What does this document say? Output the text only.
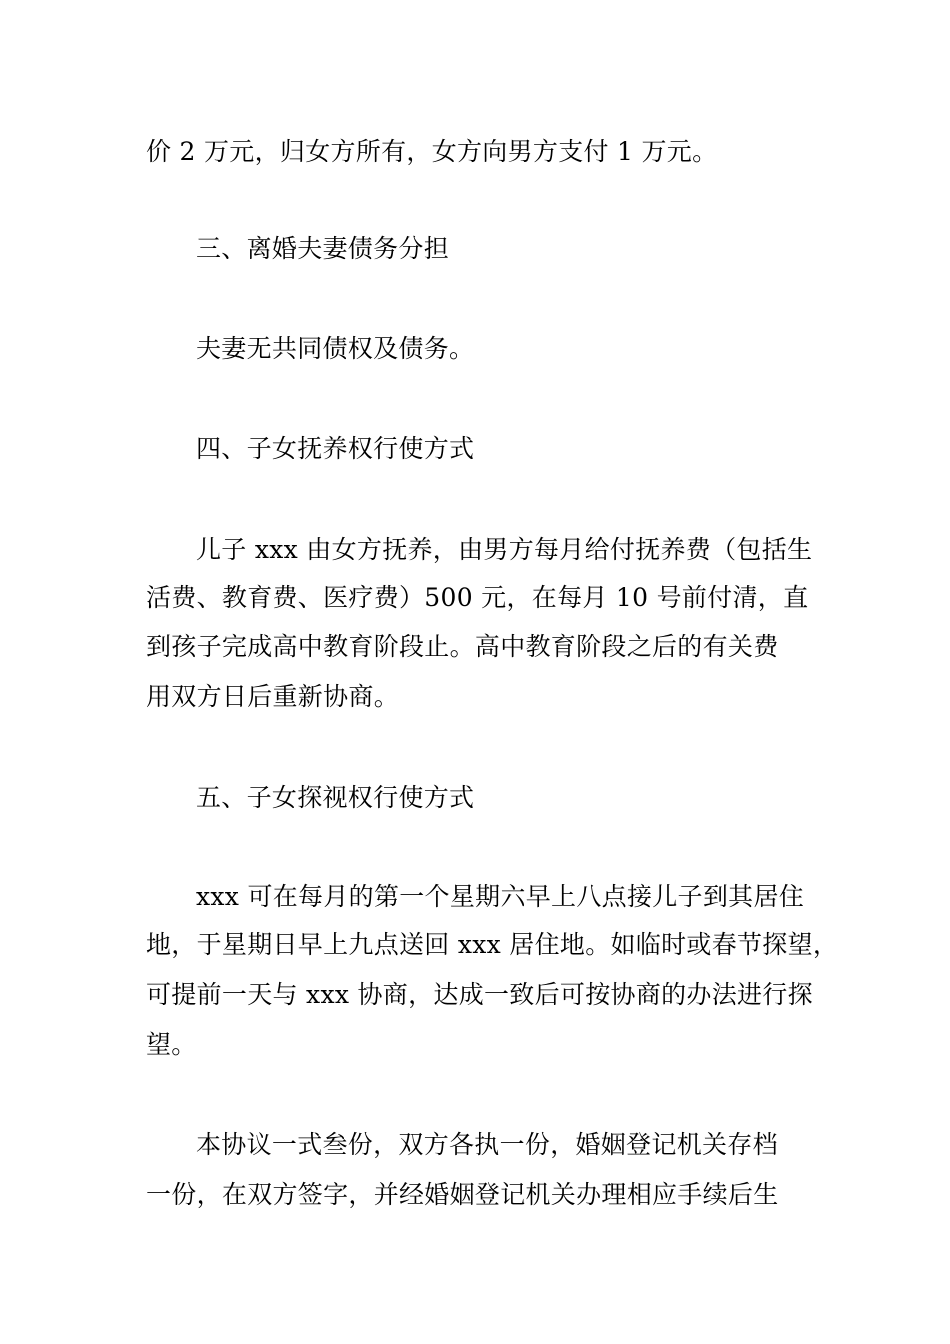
价 2 万元，归女方所有，女方向男方支付 1 万元。
三、离婚夫妻债务分担
夫妻无共同债权及债务。
四、子女抚养权行使方式
儿子 xxx 由女方抚养，由男方每月给付抚养费（包括生
活费、教育费、医疗费）500 元，在每月 10 号前付清，直
到孩子完成高中教育阶段止。高中教育阶段之后的有关费
用双方日后重新协商。
五、子女探视权行使方式
xxx 可在每月的第一个星期六早上八点接儿子到其居住
地，于星期日早上九点送回 xxx 居住地。如临时或春节探望，
可提前一天与 xxx 协商，达成一致后可按协商的办法进行探
望。
本协议一式叁份，双方各执一份，婚姻登记机关存档
一份，在双方签字，并经婚姻登记机关办理相应手续后生
